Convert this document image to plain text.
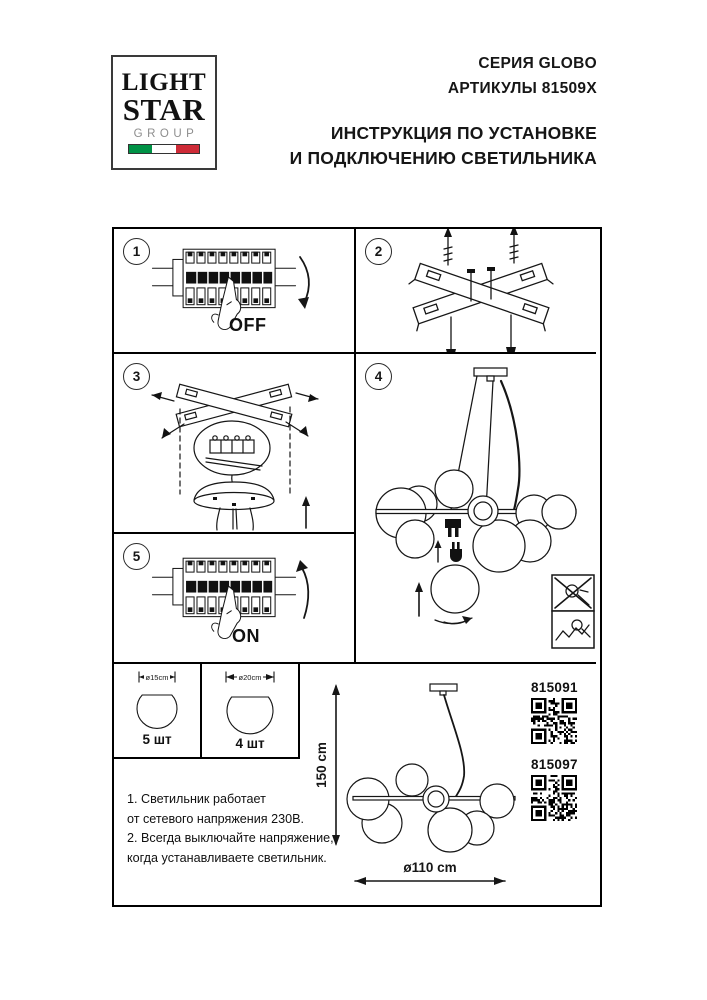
LIGHT
STAR
GROUP
СЕРИЯ GLOBO
АРТИКУЛЫ 81509X
ИНСТРУКЦИЯ ПО УСТАНОВКЕ
И ПОДКЛЮЧЕНИЮ СВЕТИЛЬНИКА
1
OFF
2
3	4
5
ON
ø15cm
5 шт
ø20cm
4 шт
1. Светильник работает
от сетевого напряжения 230В.
2. Всегда выключайте напряжение,
когда устанавливаете светильник.
150 cm
ø110 cm
815091
815097
